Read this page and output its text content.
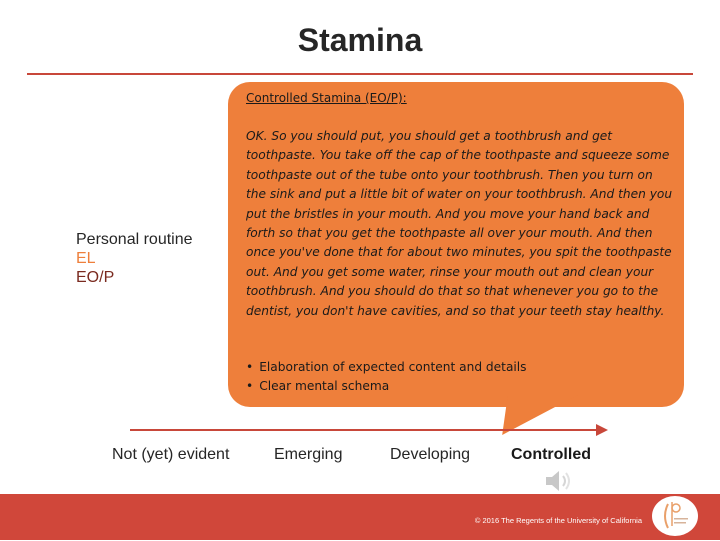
Stamina
Controlled Stamina (EO/P):
OK. So you should put, you should get a toothbrush and get toothpaste. You take off the cap of the toothpaste and squeeze some toothpaste out of the tube onto your toothbrush. Then you turn on the sink and put a little bit of water on your toothbrush. And then you put the bristles in your mouth. And you move your hand back and forth so that you get the toothpaste all over your mouth. And then once you've done that for about two minutes, you spit the toothpaste out. And you get some water, rinse your mouth out and clean your toothbrush. And you should do that so that whenever you go to the dentist, you don't have cavities, and so that your teeth stay healthy.
• Elaboration of expected content and details
• Clear mental schema
Personal routine
EL
EO/P
Not (yet) evident	Emerging	Developing	Controlled
© 2016 The Regents of the University of California
